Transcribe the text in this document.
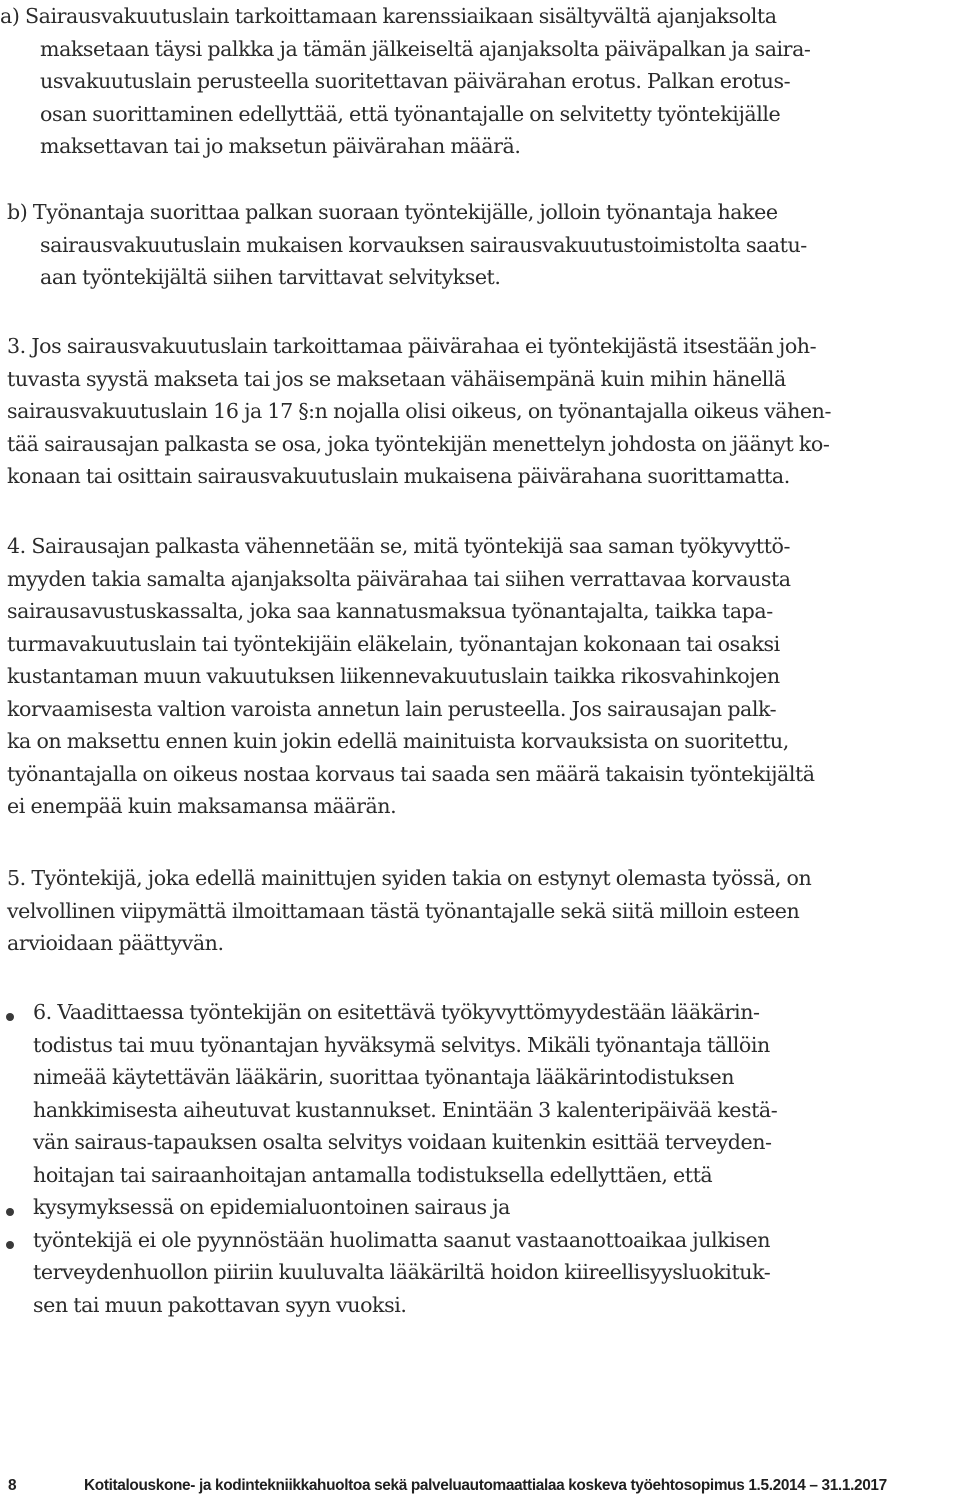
a) Sairausvakuutuslain tarkoittamaan karenssiaikaan sisältyvältä ajanjaksolta
maksetaan täysi palkka ja tämän jälkeiseltä ajanjaksolta päiväpalkan ja saira-
usvakuutuslain perusteella suoritettavan päivärahan erotus. Palkan erotus-
osan suorittaminen edellyttää, että työnantajalle on selvitetty työntekijälle
maksettavan tai jo maksetun päivärahan määrä.
b) Työnantaja suorittaa palkan suoraan työntekijälle, jolloin työnantaja hakee
sairausvakuutuslain mukaisen korvauksen sairausvakuutustoimistolta saatu-
aan työntekijältä siihen tarvittavat selvitykset.
3. Jos sairausvakuutuslain tarkoittamaa päivärahaa ei työntekijästä itsestään joh-
tuvasta syystä makseta tai jos se maksetaan vähäisempänä kuin mihin hänellä
sairausvakuutuslain 16 ja 17 §:n nojalla olisi oikeus, on työnantajalla oikeus vähen-
tää sairausajan palkasta se osa, joka työntekijän menettelyn johdosta on jäänyt ko-
konaan tai osittain sairausvakuutuslain mukaisena päivärahana suorittamatta.
4. Sairausajan palkasta vähennetään se, mitä työntekijä saa saman työkyvyttö-
myyden takia samalta ajanjaksolta päivärahaa tai siihen verrattavaa korvausta
sairausavustuskassalta, joka saa kannatusmaksua työnantajalta, taikka tapa-
turmavakuutuslain tai työntekijäin eläkelain, työnantajan kokonaan tai osaksi
kustantaman muun vakuutuksen liikennevakuutuslain taikka rikosvahinkojen
korvaamisesta valtion varoista annetun lain perusteella. Jos sairausajan palk-
ka on maksettu ennen kuin jokin edellä mainituista korvauksista on suoritettu,
työnantajalla on oikeus nostaa korvaus tai saada sen määrä takaisin työntekijältä
ei enempää kuin maksamansa määrän.
5. Työntekijä, joka edellä mainittujen syiden takia on estynyt olemasta työssä, on
velvollinen viipymättä ilmoittamaan tästä työnantajalle sekä siitä milloin esteen
arvioidaan päättyvän.
6. Vaadittaessa työntekijän on esitettävä työkyvyttömyydestään lääkärin-
todistus tai muu työnantajan hyväksymä selvitys. Mikäli työnantaja tällöin
nimeää käytettävän lääkärin, suorittaa työnantaja lääkärintodistuksen
hankkimisesta aiheutuvat kustannukset. Enintään 3 kalenteripäivää kestä-
vän sairaus-tapauksen osalta selvitys voidaan kuitenkin esittää terveyden-
hoitajan tai sairaanhoitajan antamalla todistuksella edellyttäen, että
kysymyksessä on epidemialuontoinen sairaus ja
työntekijä ei ole pyynnöstään huolimatta saanut vastaanottoaikaa julkisen
terveydenhuollon piiriin kuuluvalta lääkäriltä hoidon kiireellisyysluokituk-
sen tai muun pakottavan syyn vuoksi.
8	Kotitalouskone- ja kodintekniikkahuoltoa sekä palveluautomaattialaa koskeva työehtosopimus 1.5.2014 – 31.1.2017
